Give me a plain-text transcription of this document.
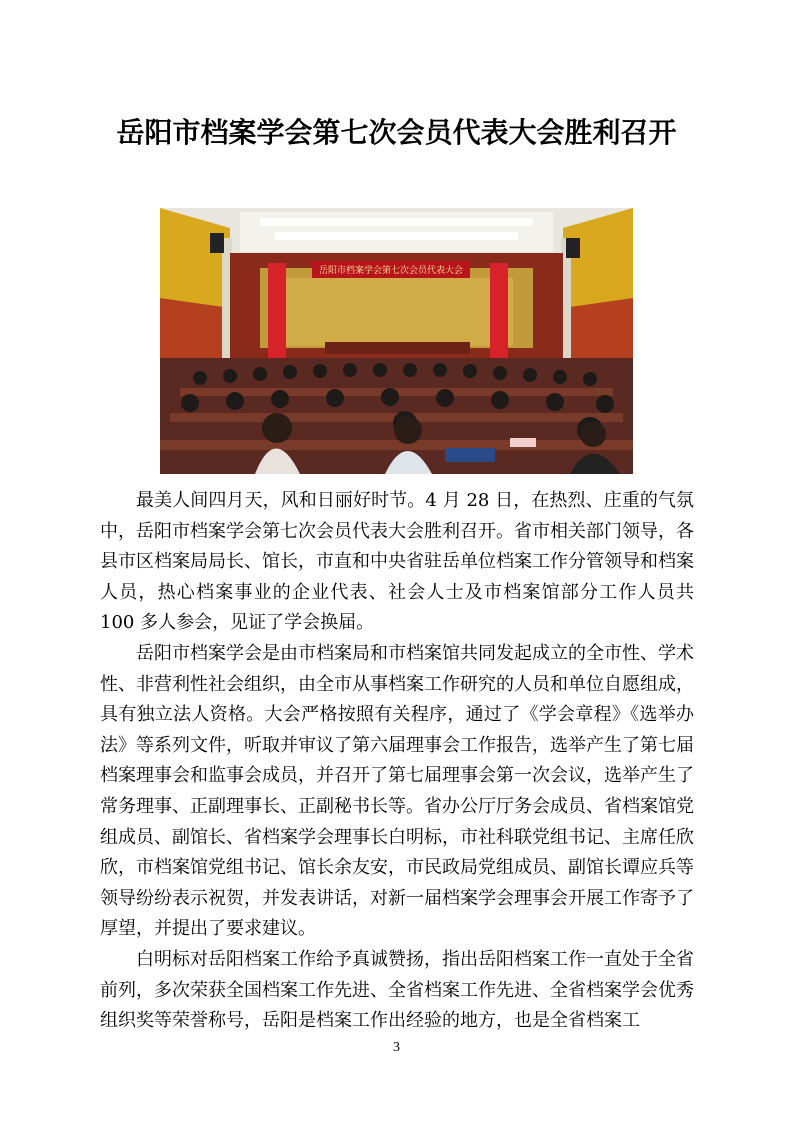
岳阳市档案学会第七次会员代表大会胜利召开
岳阳市档案学会第七次会员代表大会

最美人间四月天，风和日丽好时节。4 月 28 日，在热烈、庄重的气氛中，岳阳市档案学会第七次会员代表大会胜利召开。省市相关部门领导，各县市区档案局局长、馆长，市直和中央省驻岳单位档案工作分管领导和档案人员，热心档案事业的企业代表、社会人士及市档案馆部分工作人员共 100 多人参会，见证了学会换届。

岳阳市档案学会是由市档案局和市档案馆共同发起成立的全市性、学术性、非营利性社会组织，由全市从事档案工作研究的人员和单位自愿组成，具有独立法人资格。大会严格按照有关程序，通过了《学会章程》《选举办法》等系列文件，听取并审议了第六届理事会工作报告，选举产生了第七届档案理事会和监事会成员，并召开了第七届理事会第一次会议，选举产生了常务理事、正副理事长、正副秘书长等。省办公厅厅务会成员、省档案馆党组成员、副馆长、省档案学会理事长白明标，市社科联党组书记、主席任欣欣，市档案馆党组书记、馆长余友安，市民政局党组成员、副馆长谭应兵等领导纷纷表示祝贺，并发表讲话，对新一届档案学会理事会开展工作寄予了厚望，并提出了要求建议。

白明标对岳阳档案工作给予真诚赞扬，指出岳阳档案工作一直处于全省前列，多次荣获全国档案工作先进、全省档案工作先进、全省档案学会优秀组织奖等荣誉称号，岳阳是档案工作出经验的地方，也是全省档案工

3
